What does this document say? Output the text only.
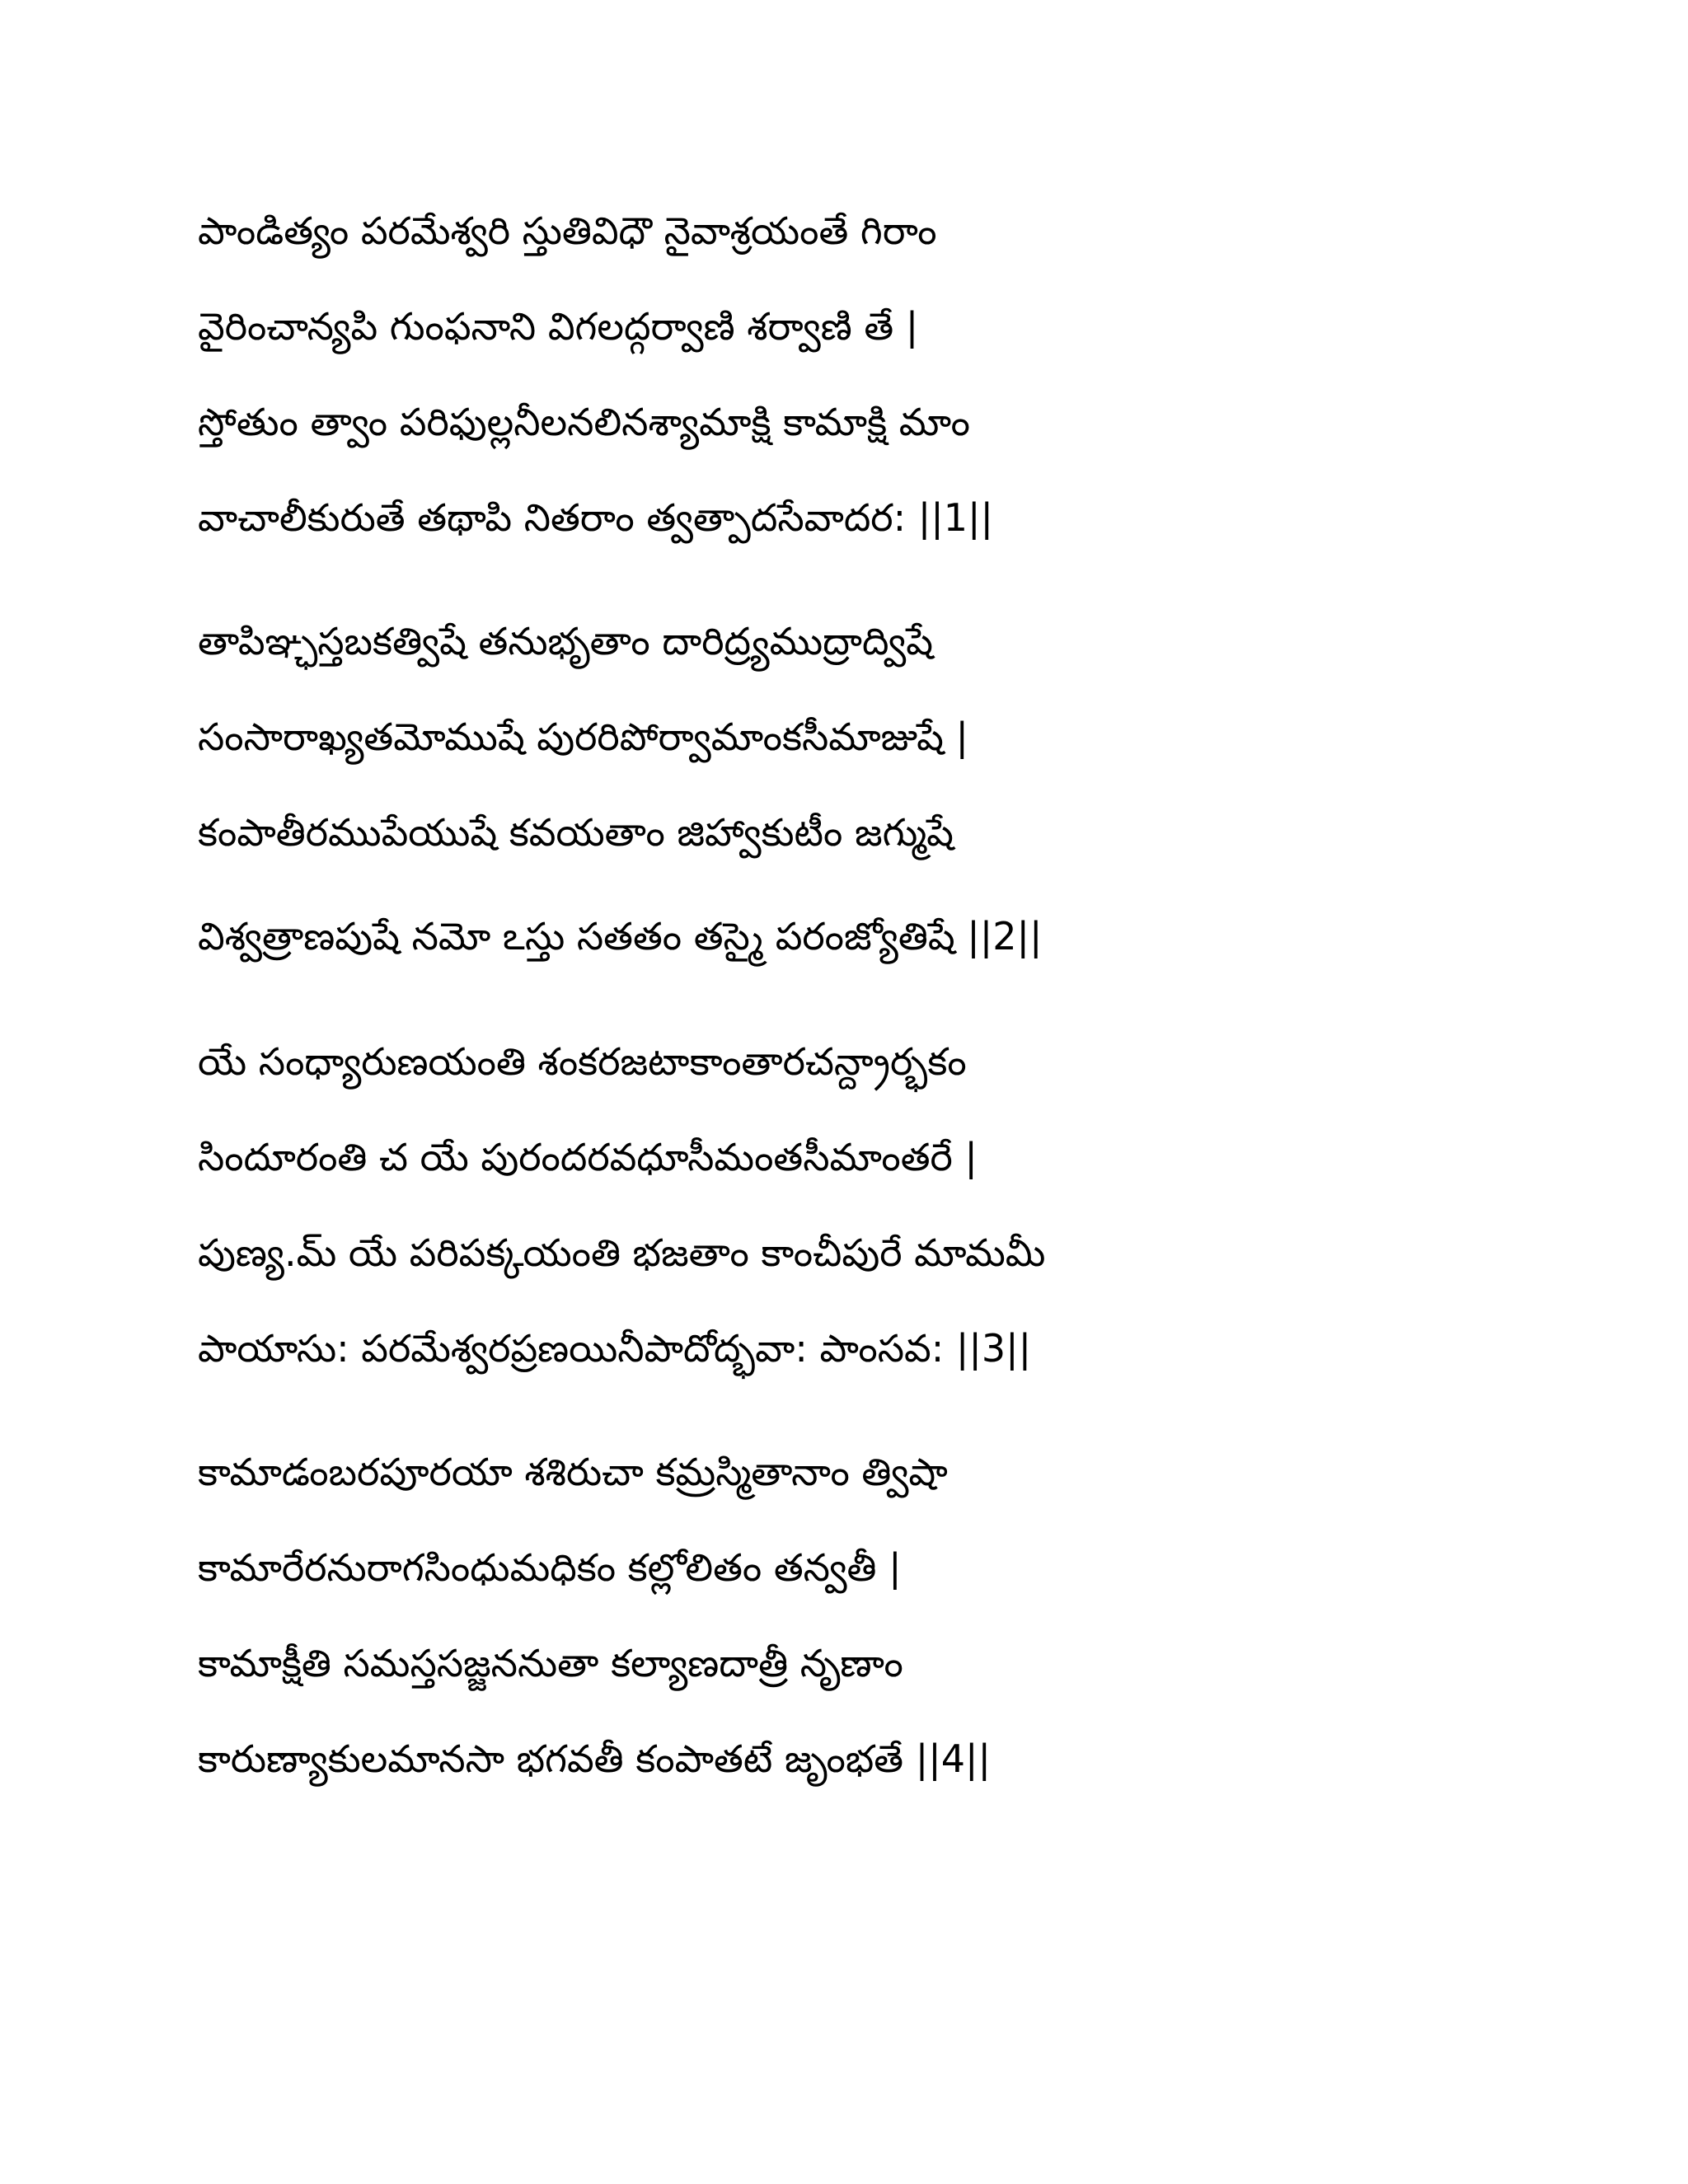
పాండిత్యం పరమేశ్వరి స్తుతివిధౌ నైవాశ్రయంతే గిరాం
వైరించాన్యపి గుంఫనాని విగలద్గర్వాణి శర్వాణి తే |
స్తోతుం త్వాం పరిఫుల్లనీలనలినశ్యామాక్షి కామాక్షి మాం
వాచాలీకురుతే తథాపి నితరాం త్వత్పాదసేవాదర: ||1||
తాపిఞ్ఛస్తబకత్విషే తనుభృతాం దారిద్ర్యముద్రాద్విషే
సంసారాఖ్యతమోముషే పురరిపోర్వామాంకసీమాజుషే |
కంపాతీరముపేయుషే కవయతాం జిహ్వాకుటీం జగ్ముషే
విశ్వత్రాణపుషే నమో ఽస్తు సతతం తస్మై పరంజ్యోతిషే ||2||
యే సంధ్యారుణయంతి శంకరజటాకాంతారచన్ద్రార్భకం
సిందూరంతి చ యే పురందరవధూసీమంతసీమాంతరే |
పుణ్య.మ్ యే పరిపక్కయంతి భజతాం కాంచీపురే మామమీ
పాయాసు: పరమేశ్వరప్రణయినీపాదోద్భవా: పాంసవ: ||3||
కామాడంబరపూరయా శశిరుచా కమ్రస్మితానాం త్విషా
కామారేరనురాగసింధుమధికం కల్లోలితం తన్వతీ |
కామాక్షీతి సమస్తసజ్జననుతా కల్యాణదాత్రీ నృణాం
కారుణ్యాకులమానసా భగవతీ కంపాతటే జృంభతే ||4||
